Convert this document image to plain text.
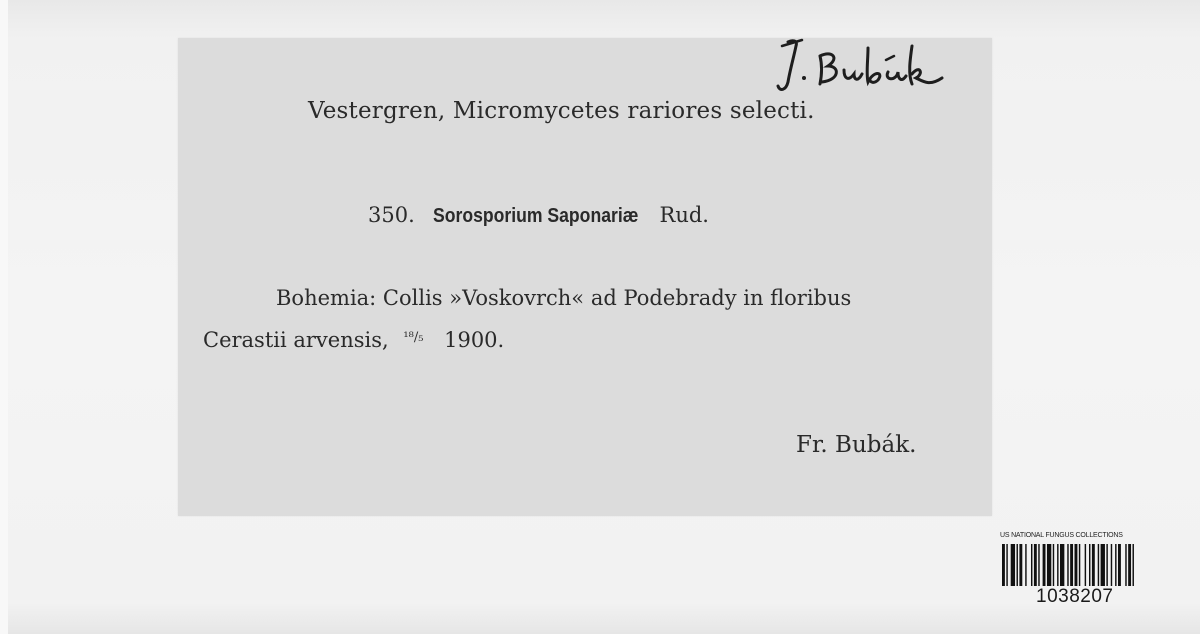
Vestergren, Micromycetes rariores selecti.
350. Sorosporium Saponariæ Rud.
Bohemia: Collis »Voskovrch« ad Podebrady in floribus
Cerastii arvensis, $^{^{18}/_5}$ 1900.
Fr. Bubák.
US NATIONAL FUNGUS COLLECTIONS
1038207
